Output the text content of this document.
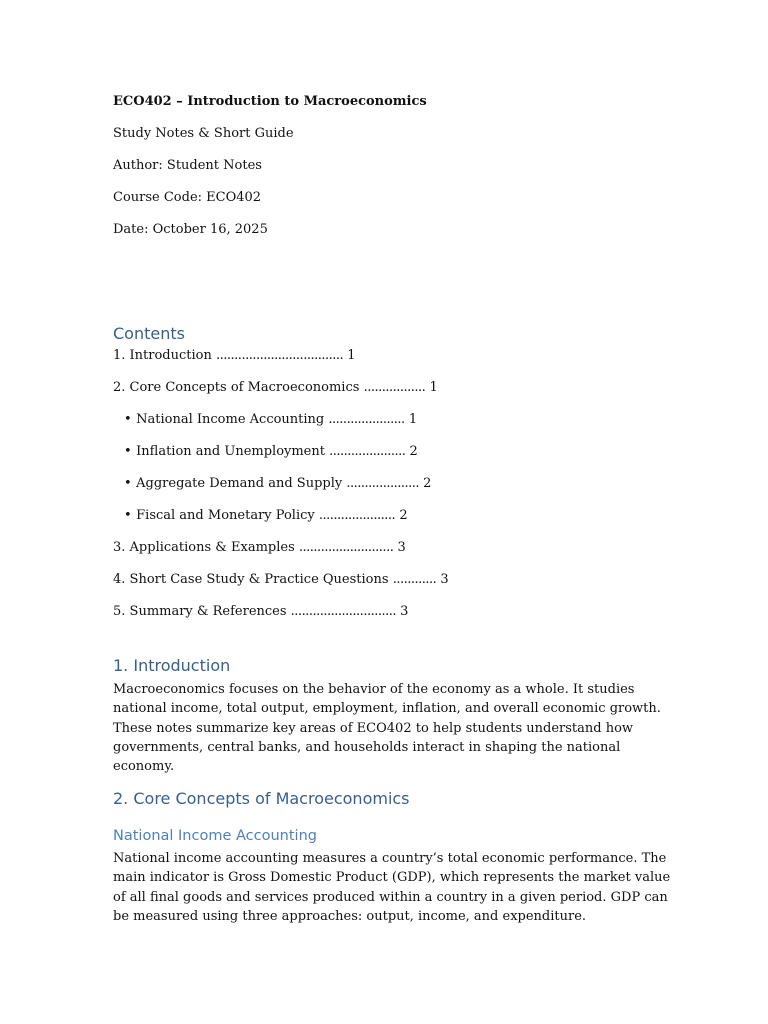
ECO402 – Introduction to Macroeconomics

Study Notes & Short Guide

Author: Student Notes

Course Code: ECO402

Date: October 16, 2025

Contents

1. Introduction ................................... 1

2. Core Concepts of Macroeconomics ................. 1

• National Income Accounting ..................... 1

• Inflation and Unemployment ..................... 2

• Aggregate Demand and Supply .................... 2

• Fiscal and Monetary Policy ..................... 2

3. Applications & Examples .......................... 3

4. Short Case Study & Practice Questions ............ 3

5. Summary & References ............................. 3

1. Introduction

Macroeconomics focuses on the behavior of the economy as a whole. It studies national income, total output, employment, inflation, and overall economic growth. These notes summarize key areas of ECO402 to help students understand how governments, central banks, and households interact in shaping the national economy.

2. Core Concepts of Macroeconomics
National Income Accounting

National income accounting measures a country’s total economic performance. The main indicator is Gross Domestic Product (GDP), which represents the market value of all final goods and services produced within a country in a given period. GDP can be measured using three approaches: output, income, and expenditure.
